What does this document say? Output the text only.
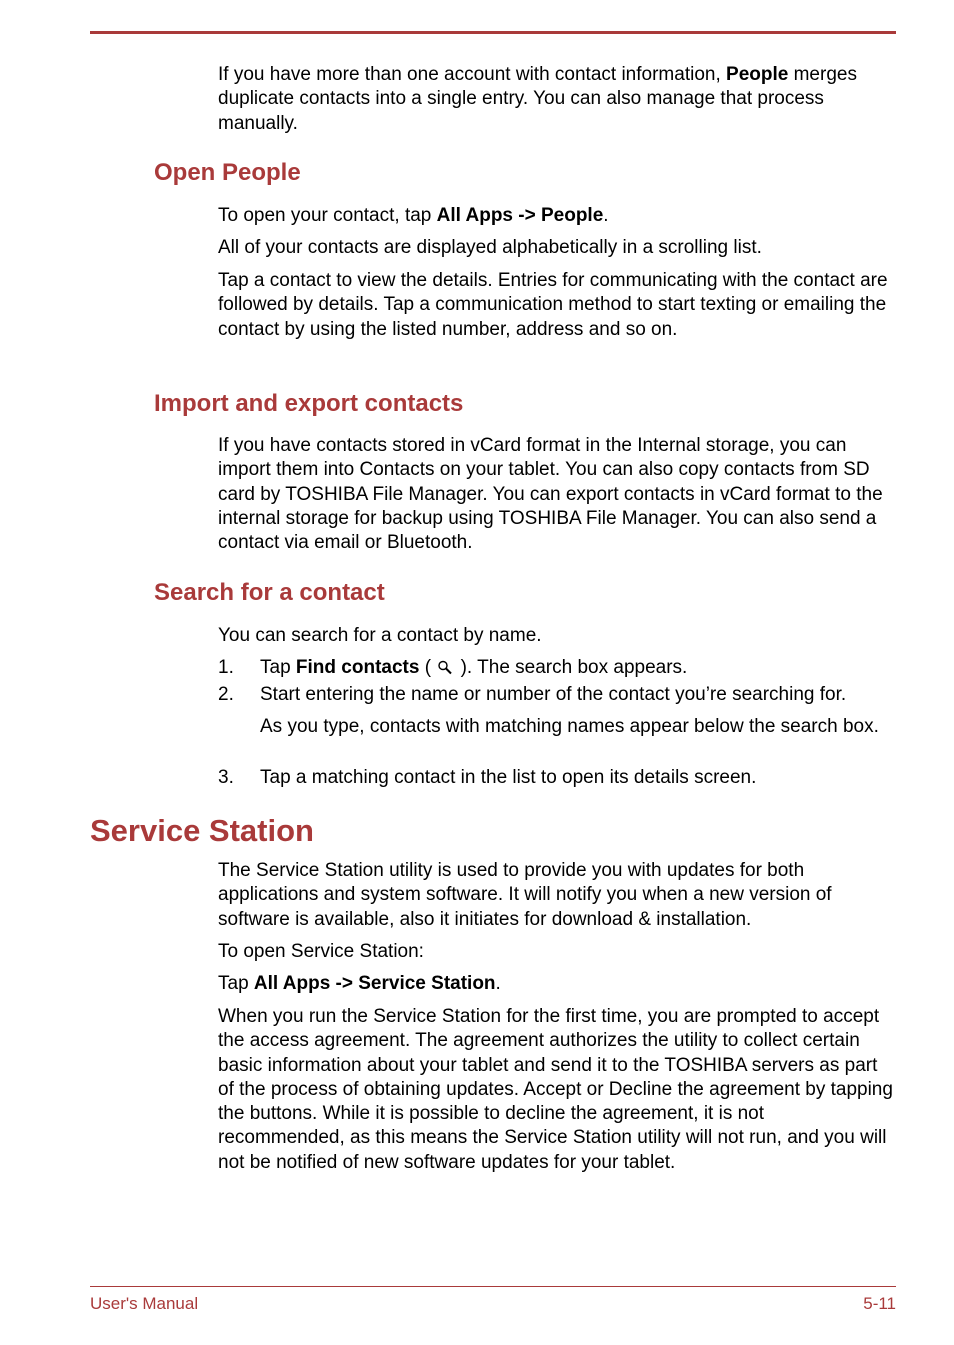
If you have more than one account with contact information, People merges duplicate contacts into a single entry. You can also manage that process manually.

Open People

To open your contact, tap All Apps -> People.

All of your contacts are displayed alphabetically in a scrolling list.

Tap a contact to view the details. Entries for communicating with the contact are followed by details. Tap a communication method to start texting or emailing the contact by using the listed number, address and so on.

Import and export contacts

If you have contacts stored in vCard format in the Internal storage, you can import them into Contacts on your tablet. You can also copy contacts from SD card by TOSHIBA File Manager. You can export contacts in vCard format to the internal storage for backup using TOSHIBA File Manager. You can also send a contact via email or Bluetooth.

Search for a contact

You can search for a contact by name.

1. Tap Find contacts (  ). The search box appears.
2. Start entering the name or number of the contact you’re searching for.
As you type, contacts with matching names appear below the search box.
3. Tap a matching contact in the list to open its details screen.
Service Station

The Service Station utility is used to provide you with updates for both applications and system software. It will notify you when a new version of software is available, also it initiates for download & installation.

To open Service Station:

Tap All Apps -> Service Station.

When you run the Service Station for the first time, you are prompted to accept the access agreement. The agreement authorizes the utility to collect certain basic information about your tablet and send it to the TOSHIBA servers as part of the process of obtaining updates. Accept or Decline the agreement by tapping the buttons. While it is possible to decline the agreement, it is not recommended, as this means the Service Station utility will not run, and you will not be notified of new software updates for your tablet.

User's Manual	5-11
